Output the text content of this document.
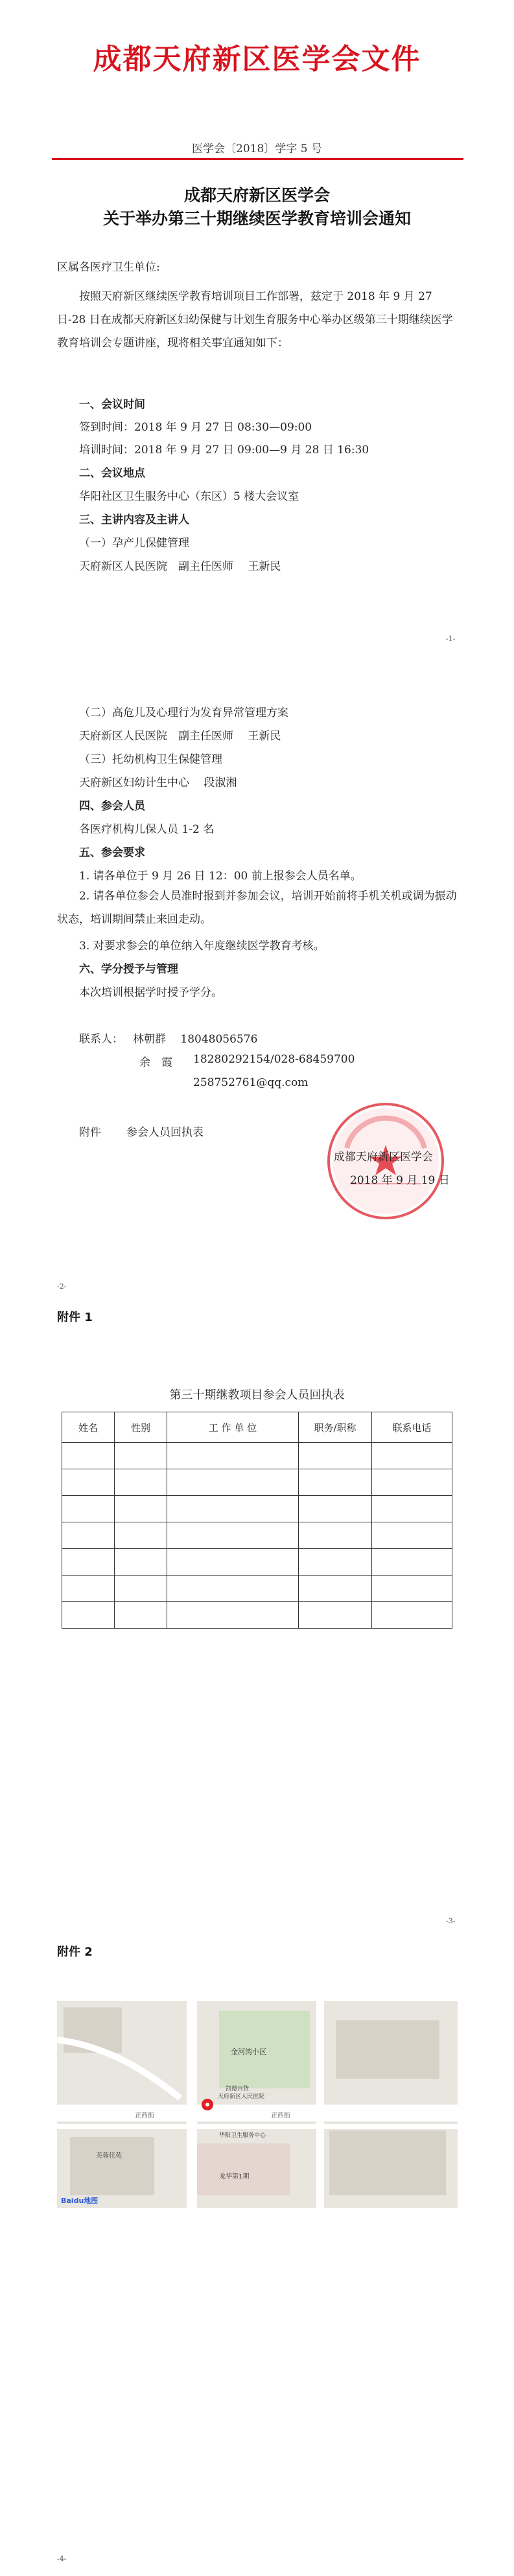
成都天府新区医学会文件
医学会〔2018〕学字 5 号
成都天府新区医学会
关于举办第三十期继续医学教育培训会通知
区属各医疗卫生单位:
按照天府新区继续医学教育培训项目工作部署，兹定于 2018 年 9 月 27 日-28 日在成都天府新区妇幼保健与计划生育服务中心举办区级第三十期继续医学教育培训会专题讲座，现将相关事宜通知如下：
一、会议时间
签到时间：2018 年 9 月 27 日 08:30—09:00
培训时间：2018 年 9 月 27 日 09:00—9 月 28 日 16:30
二、会议地点
华阳社区卫生服务中心（东区）5 楼大会议室
三、主讲内容及主讲人
（一）孕产儿保健管理
天府新区人民医院　副主任医师　 王新民
-1-
（二）高危儿及心理行为发育异常管理方案
天府新区人民医院　副主任医师　 王新民
（三）托幼机构卫生保健管理
天府新区妇幼计生中心　 段淑湘
四、参会人员
各医疗机构儿保人员 1-2 名
五、参会要求
1. 请各单位于 9 月 26 日 12：00 前上报参会人员名单。
2. 请各单位参会人员准时报到并参加会议，培训开始前将手机关机或调为振动状态，培训期间禁止来回走动。
3. 对要求参会的单位纳入年度继续医学教育考核。
六、学分授予与管理
本次培训根据学时授予学分。
联系人： 林朝群　 18048056576
余　霞 18280292154/028-68459700
258752761@qq.com
附件 参会人员回执表
成都天府新区医学会
2018 年 9 月 19 日
-2-
附件 1
第三十期继教项目参会人员回执表
姓名	性别	工 作 单 位	职务/职称	联系电话

-3-
附件 2
金河湾小区
正西街	正西街
天府新区人民医院
凯德百货
华阳卫生服务中心
芙蓉佳苑
龙华第1期
Baidu地图
-4-
